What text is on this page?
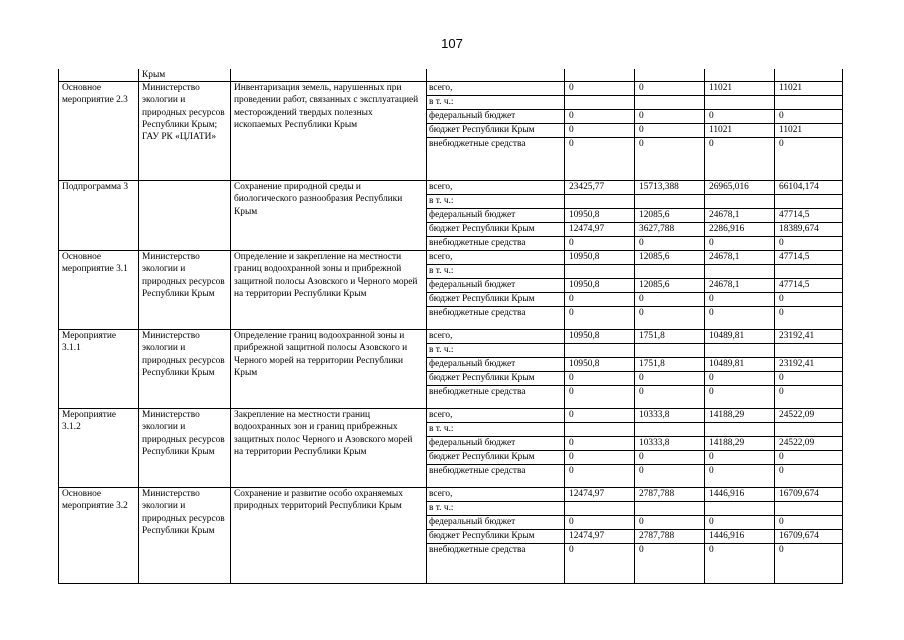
107
	Крым						
Основное мероприятие 2.3	Министерство экологии и природных ресурсов Республики Крым; ГАУ РК «ЦЛАТИ»	Инвентаризация земель, нарушенных при проведении работ, связанных с эксплуатацией месторождений твердых полезных ископаемых Республики Крым	всего,	0	0	11021	11021
			в т. ч.:				
			федеральный бюджет	0	0	0	0
			бюджет Республики Крым	0	0	11021	11021
			внебюджетные средства	0	0	0	0
Подпрограмма 3		Сохранение природной среды и биологического разнообразия Республики Крым	всего,	23425,77	15713,388	26965,016	66104,174
			в т. ч.:				
			федеральный бюджет	10950,8	12085,6	24678,1	47714,5
			бюджет Республики Крым	12474,97	3627,788	2286,916	18389,674
			внебюджетные средства	0	0	0	0
Основное мероприятие 3.1	Министерство экологии и природных ресурсов Республики Крым	Определение и закрепление на местности границ водоохранной зоны и прибрежной защитной полосы Азовского и Черного морей на территории Республики Крым	всего,	10950,8	12085,6	24678,1	47714,5
			в т. ч.:				
			федеральный бюджет	10950,8	12085,6	24678,1	47714,5
			бюджет Республики Крым	0	0	0	0
			внебюджетные средства	0	0	0	0
Мероприятие 3.1.1	Министерство экологии и природных ресурсов Республики Крым	Определение границ водоохранной зоны и прибрежной защитной полосы Азовского и Черного морей на территории Республики Крым	всего,	10950,8	1751,8	10489,81	23192,41
			в т. ч.:				
			федеральный бюджет	10950,8	1751,8	10489,81	23192,41
			бюджет Республики Крым	0	0	0	0
			внебюджетные средства	0	0	0	0
Мероприятие 3.1.2	Министерство экологии и природных ресурсов Республики Крым	Закрепление на местности границ водоохранных зон и границ прибрежных защитных полос Черного и Азовского морей на территории Республики Крым	всего,	0	10333,8	14188,29	24522,09
			в т. ч.:				
			федеральный бюджет	0	10333,8	14188,29	24522,09
			бюджет Республики Крым	0	0	0	0
			внебюджетные средства	0	0	0	0
Основное мероприятие 3.2	Министерство экологии и природных ресурсов Республики Крым	Сохранение и развитие особо охраняемых природных территорий Республики Крым	всего,	12474,97	2787,788	1446,916	16709,674
			в т. ч.:				
			федеральный бюджет	0	0	0	0
			бюджет Республики Крым	12474,97	2787,788	1446,916	16709,674
			внебюджетные средства	0	0	0	0
